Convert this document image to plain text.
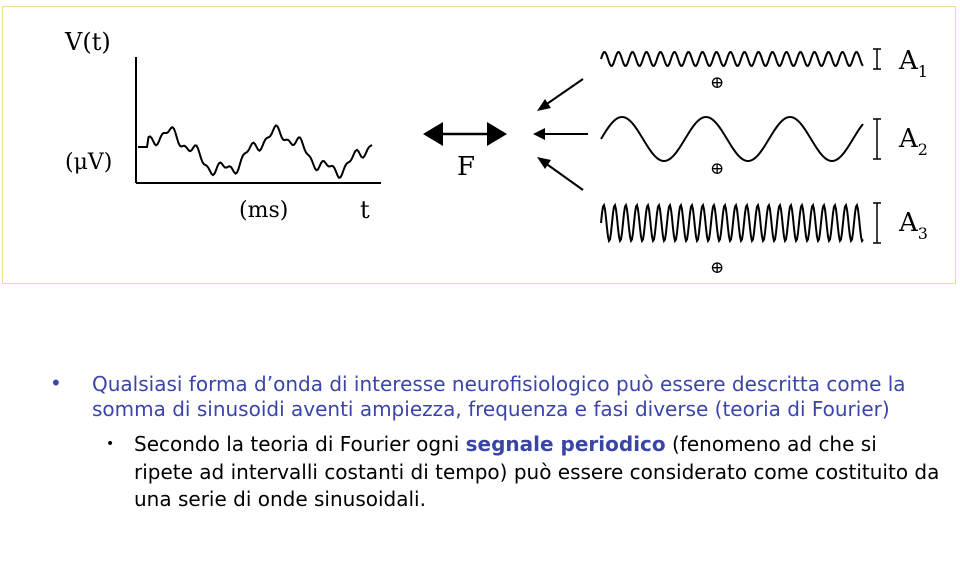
V(t)
(μV)
(ms)	t
F
⊕
⊕
⊕
$A_1$
$A_2$
$A_3$
• Qualsiasi forma d’onda di interesse neurofisiologico può essere descritta come la somma di sinusoidi aventi ampiezza, frequenza e fasi diverse (teoria di Fourier)
• Secondo la teoria di Fourier ogni segnale periodico (fenomeno ad che si ripete ad intervalli costanti di tempo) può essere considerato come costituito da una serie di onde sinusoidali.
